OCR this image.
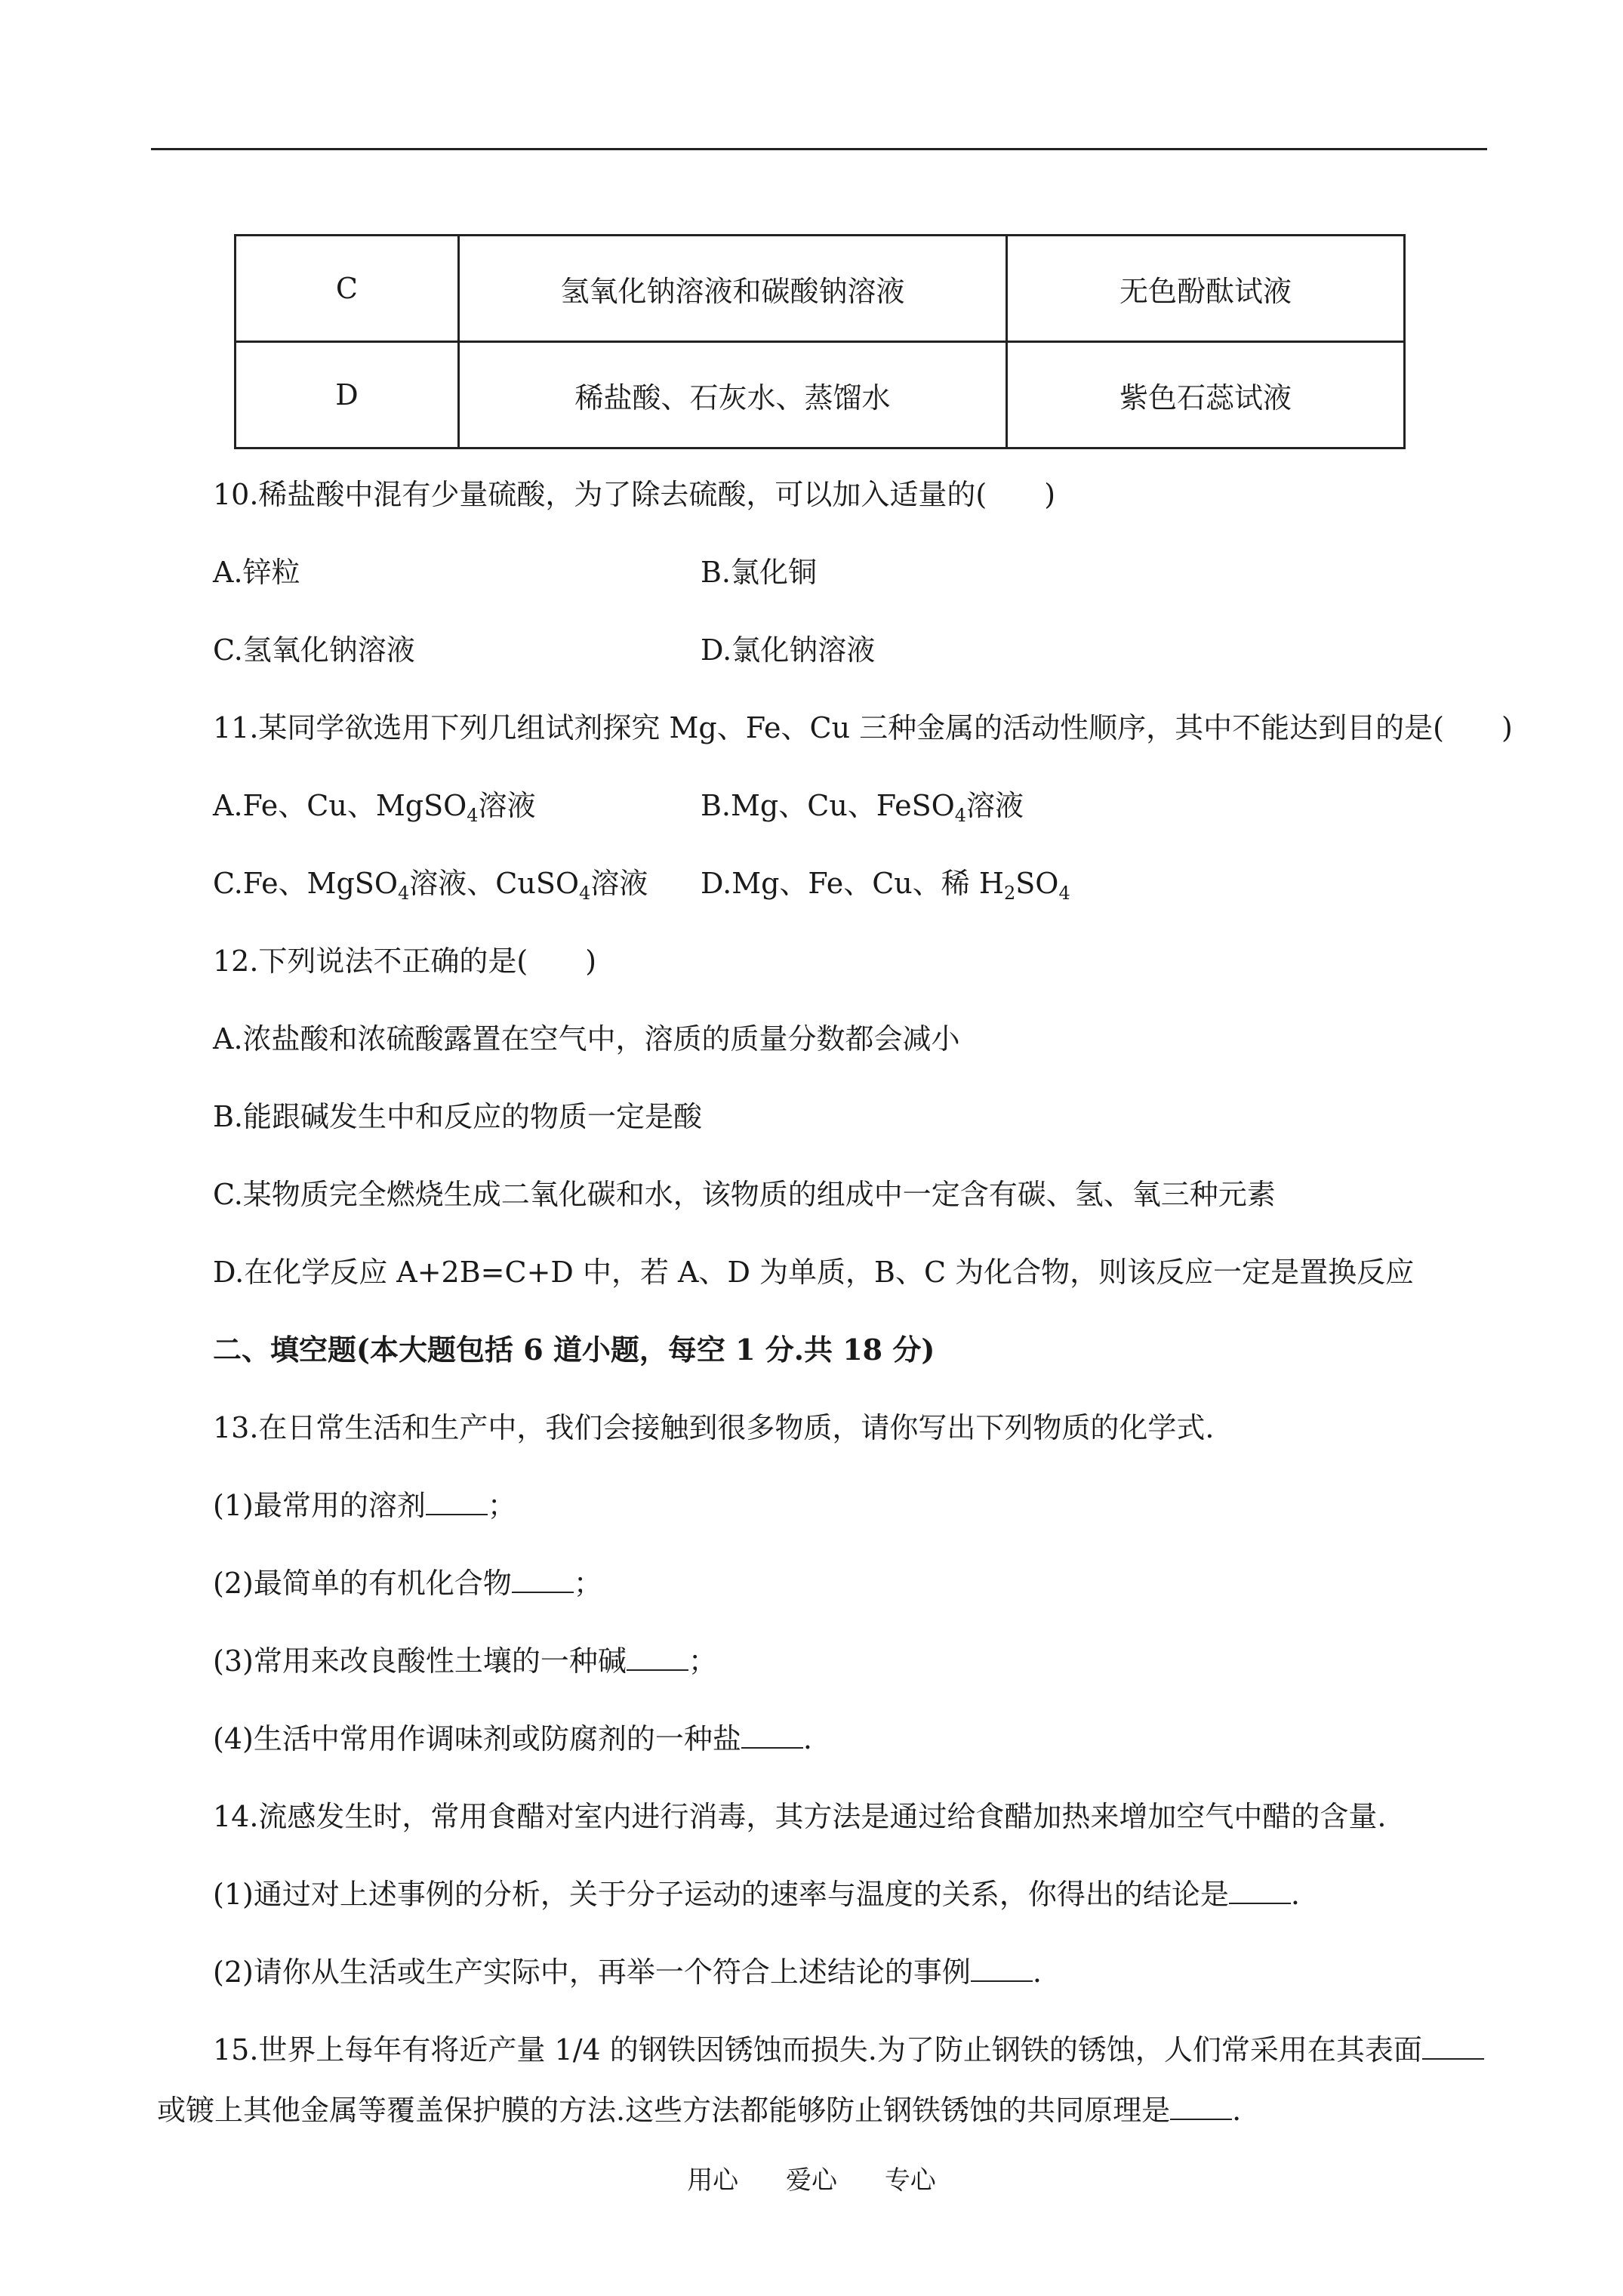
C	氢氧化钠溶液和碳酸钠溶液	无色酚酞试液
D	稀盐酸、石灰水、蒸馏水	紫色石蕊试液
10.稀盐酸中混有少量硫酸，为了除去硫酸，可以加入适量的(　　)
A.锌粒	B.氯化铜
C.氢氧化钠溶液	D.氯化钠溶液
11.某同学欲选用下列几组试剂探究 Mg、Fe、Cu 三种金属的活动性顺序，其中不能达到目的是(　　)
A.Fe、Cu、MgSO$_4$溶液	B.Mg、Cu、FeSO$_4$溶液
C.Fe、MgSO$_4$溶液、CuSO$_4$溶液 D.Mg、Fe、Cu、稀 $H_2SO_4$
12.下列说法不正确的是(　　)
A.浓盐酸和浓硫酸露置在空气中，溶质的质量分数都会减小
B.能跟碱发生中和反应的物质一定是酸
C.某物质完全燃烧生成二氧化碳和水，该物质的组成中一定含有碳、氢、氧三种元素
D.在化学反应 A+2B=C+D 中，若 A、D 为单质，B、C 为化合物，则该反应一定是置换反应
二、填空题(本大题包括 6 道小题，每空 1 分.共 18 分)
13.在日常生活和生产中，我们会接触到很多物质，请你写出下列物质的化学式.
(1)最常用的溶剂 ；
(2)最简单的有机化合物 ；
(3)常用来改良酸性土壤的一种碱 ；
(4)生活中常用作调味剂或防腐剂的一种盐 .
14.流感发生时，常用食醋对室内进行消毒，其方法是通过给食醋加热来增加空气中醋的含量.
(1)通过对上述事例的分析，关于分子运动的速率与温度的关系，你得出的结论是 .
(2)请你从生活或生产实际中，再举一个符合上述结论的事例 .
15.世界上每年有将近产量 1/4 的钢铁因锈蚀而损失.为了防止钢铁的锈蚀，人们常采用在其表面
或镀上其他金属等覆盖保护膜的方法.这些方法都能够防止钢铁锈蚀的共同原理是 .
用心 爱心 专心
